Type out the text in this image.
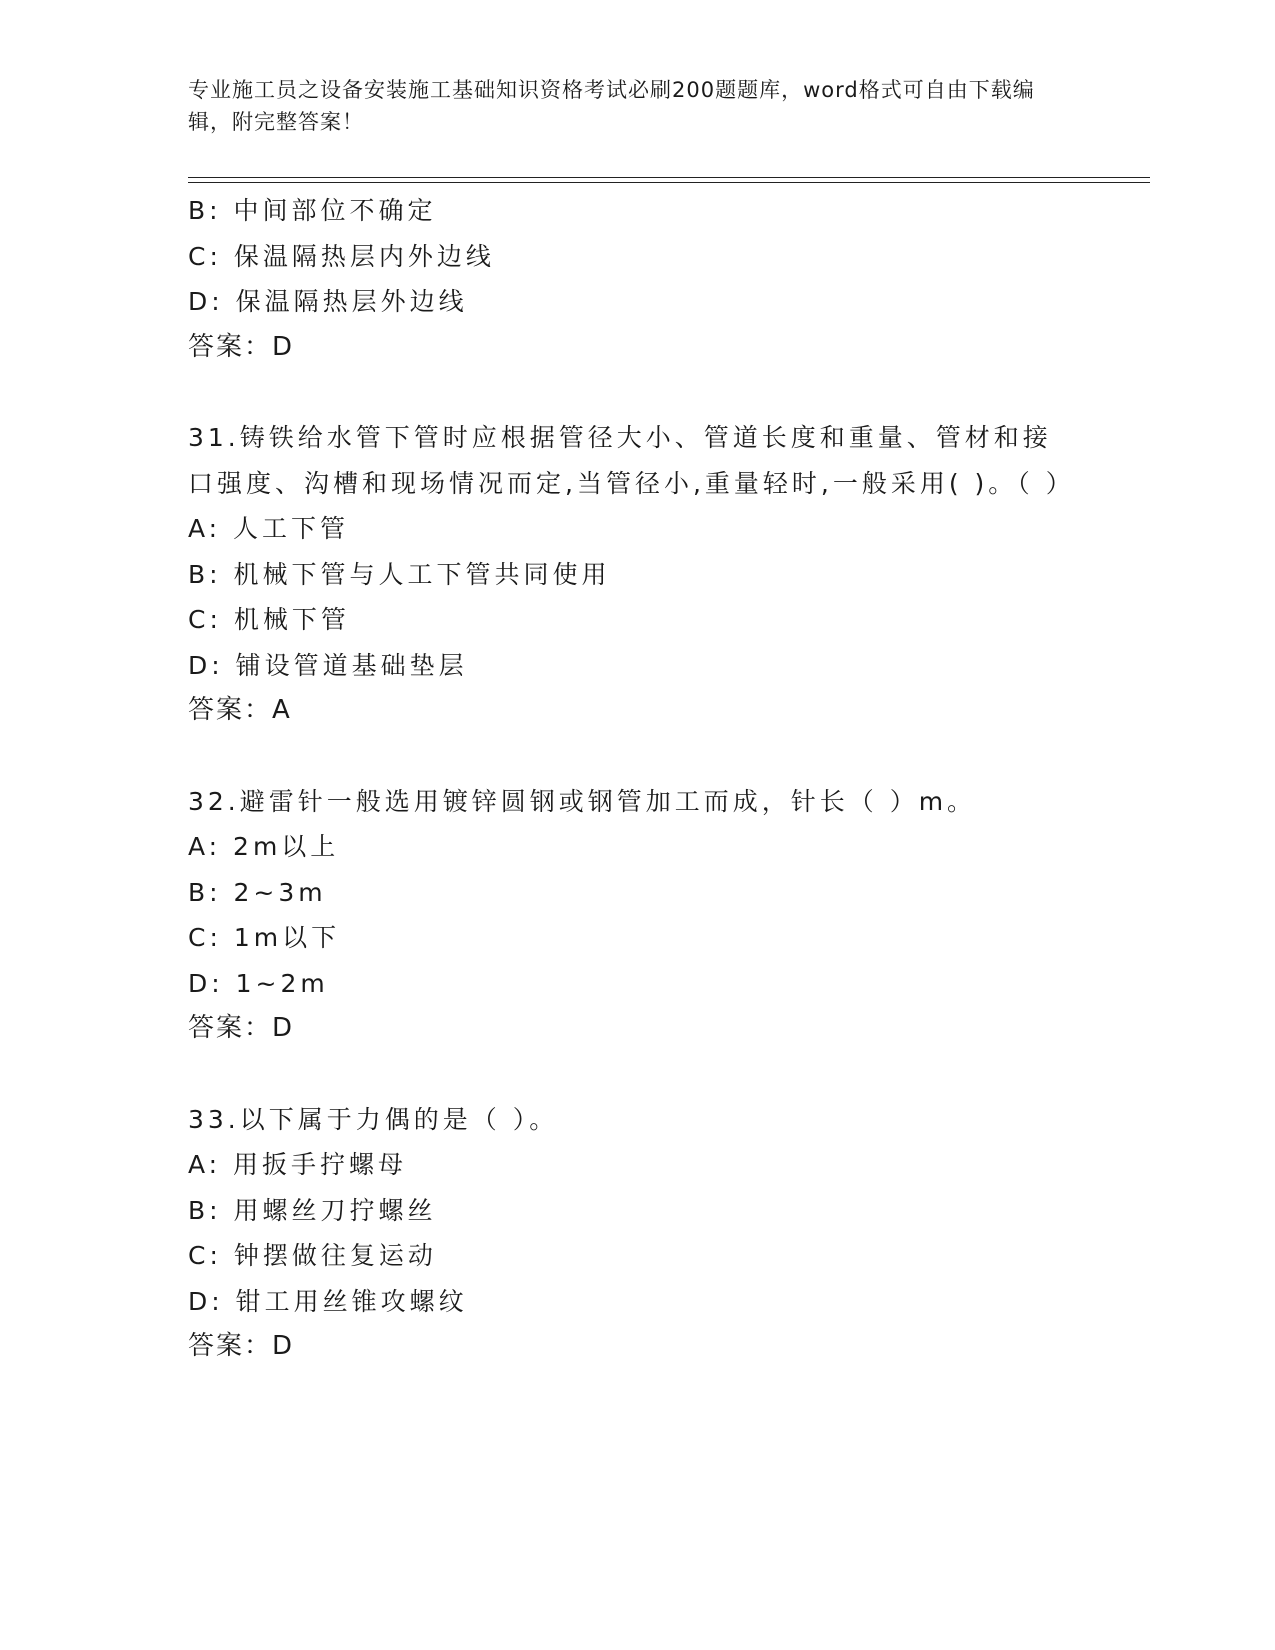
专业施工员之设备安装施工基础知识资格考试必刷200题题库，word格式可自由下载编辑，附完整答案！
B: 中间部位不确定
C: 保温隔热层内外边线
D: 保温隔热层外边线
答案：D
31.铸铁给水管下管时应根据管径大小、管道长度和重量、管材和接口强度、沟槽和现场情况而定,当管径小,重量轻时,一般采用( )。（ ）
A: 人工下管
B: 机械下管与人工下管共同使用
C: 机械下管
D: 铺设管道基础垫层
答案：A
32.避雷针一般选用镀锌圆钢或钢管加工而成，针长（ ）m。
A: 2m以上
B: 2~3m
C: 1m以下
D: 1~2m
答案：D
33.以下属于力偶的是（ ）。
A: 用扳手拧螺母
B: 用螺丝刀拧螺丝
C: 钟摆做往复运动
D: 钳工用丝锥攻螺纹
答案：D
